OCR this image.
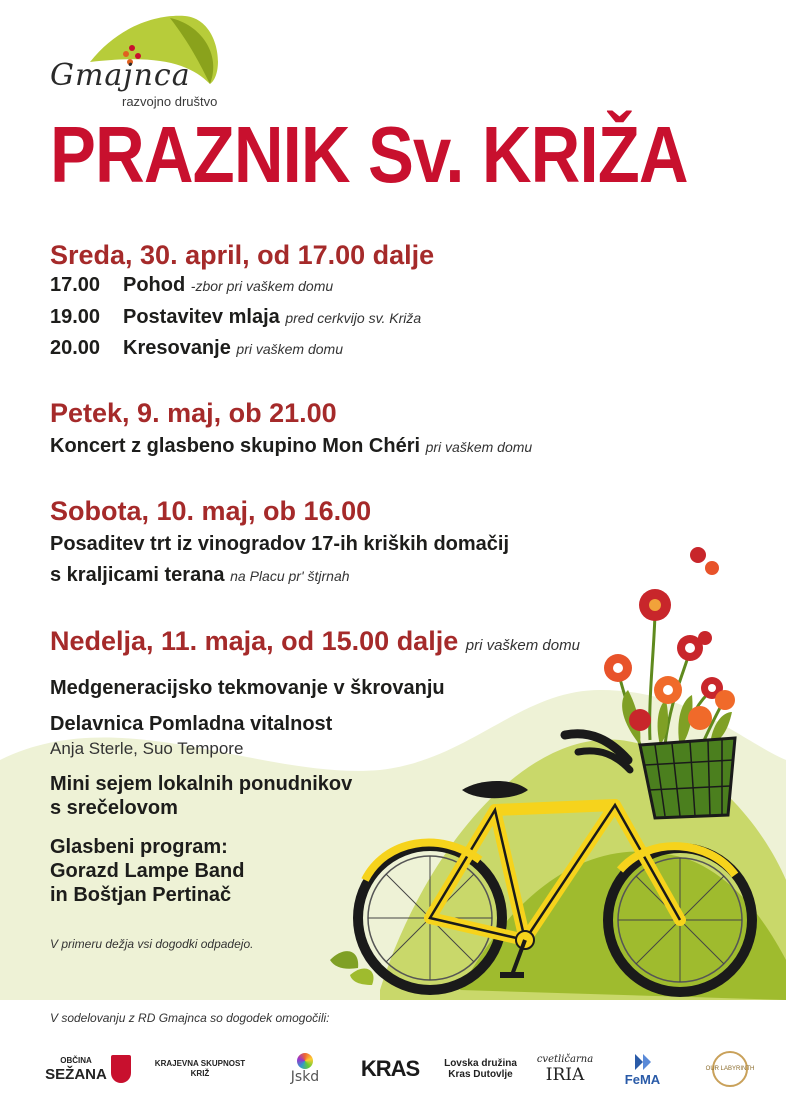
Gmajnca
razvojno društvo
PRAZNIK Sv. KRIŽA
Sreda, 30. april, od 17.00 dalje
17.00 Pohod -zbor pri vaškem domu
19.00 Postavitev mlaja pred cerkvijo sv. Križa
20.00 Kresovanje pri vaškem domu
Petek, 9. maj, ob 21.00
Koncert z glasbeno skupino Mon Chéri pri vaškem domu
Sobota, 10. maj, ob 16.00
Posaditev trt iz vinogradov 17-ih kriških domačij
s kraljicami terana na Placu pr' štjrnah
Nedelja, 11. maja, od 15.00 dalje pri vaškem domu
Medgeneracijsko tekmovanje v škrovanju
Delavnica Pomladna vitalnost
Anja Sterle, Suo Tempore
Mini sejem lokalnih ponudnikov
s srečelovom
Glasbeni program:
Gorazd Lampe Band
in Boštjan Pertinač
V primeru dežja vsi dogodki odpadejo.
V sodelovanju z RD Gmajnca so dogodek omogočili:
OBČINA
SEŽANA
KRAJEVNA SKUPNOST
KRIŽ	Jskd KRAS Lovska družina
Kras Dutovlje
cvetličarna
IRIA	FeMA
OUR LABYRINTH
